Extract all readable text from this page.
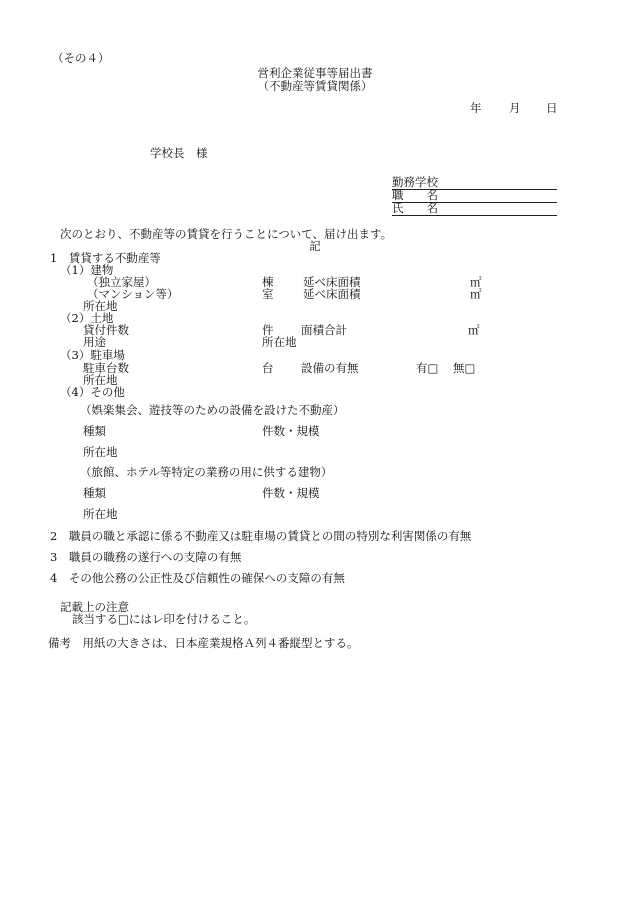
（その４）
営利企業従事等届出書
（不動産等賃貸関係）
年 月 日
学校長　様
勤務学校
職　　名
氏　　名
次のとおり、不動産等の賃貸を行うことについて、届け出ます。
記
1　賃貸する不動産等
（1）建物
（独立家屋）	棟	延べ床面積	㎡
（マンション等）	室	延べ床面積	㎡
所在地
（2）土地
貸付件数	件 面積合計	㎡
用途	所在地
（3）駐車場
駐車台数	台 設備の有無	有□ 無□
所在地
（4）その他
（娯楽集会、遊技等のための設備を設けた不動産）
種類	件数・規模
所在地
（旅館、ホテル等特定の業務の用に供する建物）
種類	件数・規模
所在地
2　職員の職と承認に係る不動産又は駐車場の賃貸との間の特別な利害関係の有無
3　職員の職務の遂行への支障の有無
4　その他公務の公正性及び信頼性の確保への支障の有無
記載上の注意
該当する□にはレ印を付けること。
備考　用紙の大きさは、日本産業規格Ａ列４番縦型とする。
